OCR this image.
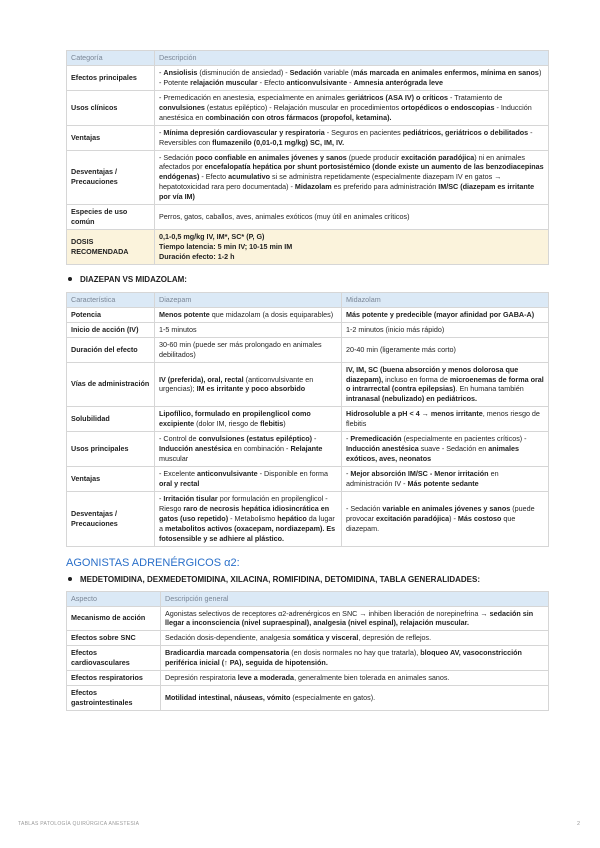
Categoría	Descripción
Efectos principales	- Ansiolisis (disminución de ansiedad) - Sedación variable (más marcada en animales enfermos, mínima en sanos) - Potente relajación muscular - Efecto anticonvulsivante - Amnesia anterógrada leve
Usos clínicos	- Premedicación en anestesia, especialmente en animales geriátricos (ASA IV) o críticos - Tratamiento de convulsiones (estatus epiléptico) - Relajación muscular en procedimientos ortopédicos o endoscopias - Inducción anestésica en combinación con otros fármacos (propofol, ketamina).
Ventajas	- Mínima depresión cardiovascular y respiratoria - Seguros en pacientes pediátricos, geriátricos o debilitados - Reversibles con flumazenilo (0,01-0,1 mg/kg) SC, IM, IV.
Desventajas / Precauciones	- Sedación poco confiable en animales jóvenes y sanos (puede producir excitación paradójica) ni en animales afectados por encefalopatía hepática por shunt portosistémico (donde existe un aumento de las benzodiacepinas endógenas) - Efecto acumulativo si se administra repetidamente (especialmente diazepam IV en gatos → hepatotoxicidad rara pero documentada) - Midazolam es preferido para administración IM/SC (diazepam es irritante por vía IM)
Especies de uso común	Perros, gatos, caballos, aves, animales exóticos (muy útil en animales críticos)
DOSIS RECOMENDADA	0,1-0,5 mg/kg IV, IM*, SC* (P, G)
Tiempo latencia: 5 min IV; 10-15 min IM
Duración efecto: 1-2 h

DIAZEPAN VS MIDAZOLAM:

Característica	Diazepam	Midazolam
Potencia	Menos potente que midazolam (a dosis equiparables)	Más potente y predecible (mayor afinidad por GABA-A)
Inicio de acción (IV)	1-5 minutos	1-2 minutos (inicio más rápido)
Duración del efecto	30-60 min (puede ser más prolongado en animales debilitados)	20-40 min (ligeramente más corto)
Vías de administración	IV (preferida), oral, rectal (anticonvulsivante en urgencias); IM es irritante y poco absorbido	IV, IM, SC (buena absorción y menos dolorosa que diazepam), incluso en forma de microenemas de forma oral o intrarrectal (contra epilepsias). En humana también intranasal (nebulizado) en pediátricos.
Solubilidad	Lipofílico, formulado en propilenglicol como excipiente (dolor IM, riesgo de flebitis)	Hidrosoluble a pH < 4 → menos irritante, menos riesgo de flebitis
Usos principales	- Control de convulsiones (estatus epiléptico) - Inducción anestésica en combinación - Relajante muscular	- Premedicación (especialmente en pacientes críticos) - Inducción anestésica suave - Sedación en animales exóticos, aves, neonatos
Ventajas	- Excelente anticonvulsivante - Disponible en forma oral y rectal	- Mejor absorción IM/SC - Menor irritación en administración IV - Más potente sedante
Desventajas / Precauciones	- Irritación tisular por formulación en propilenglicol - Riesgo raro de necrosis hepática idiosincrática en gatos (uso repetido) - Metabolismo hepático da lugar a metabolitos activos (oxacepam, nordiazepam). Es fotosensible y se adhiere al plástico.	- Sedación variable en animales jóvenes y sanos (puede provocar excitación paradójica) - Más costoso que diazepam.

AGONISTAS ADRENÉRGICOS α2:

MEDETOMIDINA, DEXMEDETOMIDINA, XILACINA, ROMIFIDINA, DETOMIDINA, TABLA GENERALIDADES:

Aspecto	Descripción general
Mecanismo de acción	Agonistas selectivos de receptores α2-adrenérgicos en SNC → inhiben liberación de norepinefrina → sedación sin llegar a inconsciencia (nivel supraespinal), analgesia (nivel espinal), relajación muscular.
Efectos sobre SNC	Sedación dosis-dependiente, analgesia somática y visceral, depresión de reflejos.
Efectos cardiovasculares	Bradicardia marcada compensatoria (en dosis normales no hay que tratarla), bloqueo AV, vasoconstricción periférica inicial (↑ PA), seguida de hipotensión.
Efectos respiratorios	Depresión respiratoria leve a moderada, generalmente bien tolerada en animales sanos.
Efectos gastrointestinales	Motilidad intestinal, náuseas, vómito (especialmente en gatos).
TABLAS PATOLOGÍA QUIRÚRGICA ANESTESIA	2
